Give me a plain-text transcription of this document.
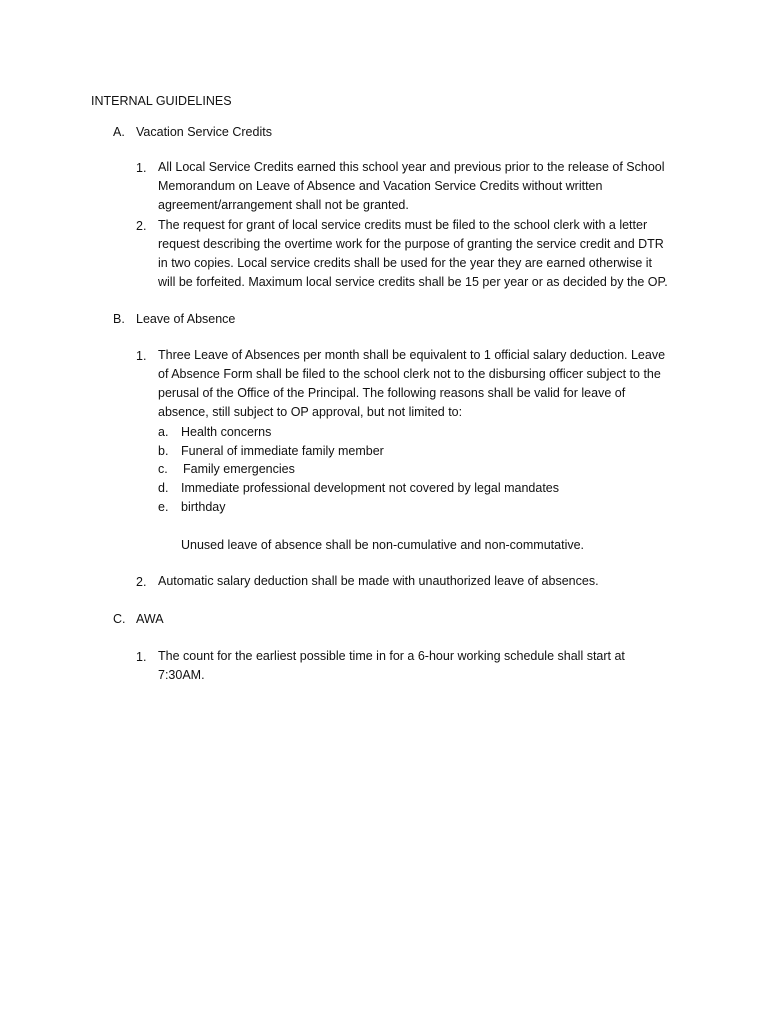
INTERNAL GUIDELINES
A. Vacation Service Credits
1. All Local Service Credits earned this school year and previous prior to the release of School
Memorandum on Leave of Absence and Vacation Service Credits without written
agreement/arrangement shall not be granted.
2. The request for grant of local service credits must be filed to the school clerk with a letter
request describing the overtime work for the purpose of granting the service credit and DTR
in two copies. Local service credits shall be used for the year they are earned otherwise it
will be forfeited. Maximum local service credits shall be 15 per year or as decided by the OP.
B. Leave of Absence
1. Three Leave of Absences per month shall be equivalent to 1 official salary deduction. Leave
of Absence Form shall be filed to the school clerk not to the disbursing officer subject to the
perusal of the Office of the Principal. The following reasons shall be valid for leave of
absence, still subject to OP approval, but not limited to:
a. Health concerns
b. Funeral of immediate family member
c. Family emergencies
d. Immediate professional development not covered by legal mandates
e. birthday
Unused leave of absence shall be non-cumulative and non-commutative.
2. Automatic salary deduction shall be made with unauthorized leave of absences.
C. AWA
1. The count for the earliest possible time in for a 6-hour working schedule shall start at
7:30AM.
